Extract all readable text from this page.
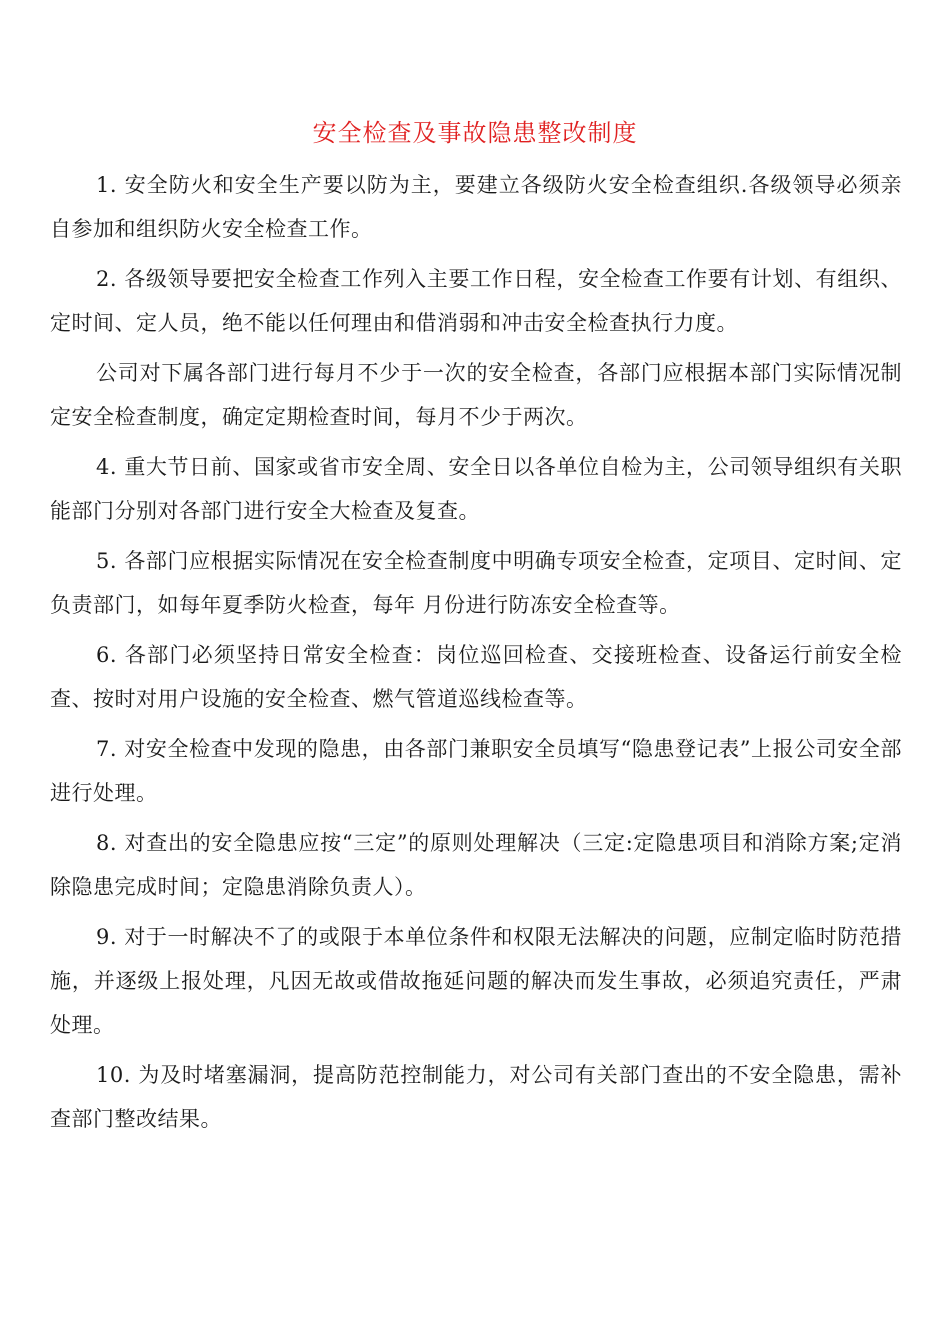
安全检查及事故隐患整改制度

1. 安全防火和安全生产要以防为主，要建立各级防火安全检查组织.各级领导必须亲自参加和组织防火安全检查工作。

2. 各级领导要把安全检查工作列入主要工作日程，安全检查工作要有计划、有组织、定时间、定人员，绝不能以任何理由和借消弱和冲击安全检查执行力度。

公司对下属各部门进行每月不少于一次的安全检查，各部门应根据本部门实际情况制定安全检查制度，确定定期检查时间，每月不少于两次。

4. 重大节日前、国家或省市安全周、安全日以各单位自检为主，公司领导组织有关职能部门分别对各部门进行安全大检查及复查。

5. 各部门应根据实际情况在安全检查制度中明确专项安全检查，定项目、定时间、定负责部门，如每年夏季防火检查，每年 月份进行防冻安全检查等。

6. 各部门必须坚持日常安全检查：岗位巡回检查、交接班检查、设备运行前安全检查、按时对用户设施的安全检查、燃气管道巡线检查等。

7. 对安全检查中发现的隐患，由各部门兼职安全员填写“隐患登记表”上报公司安全部进行处理。

8. 对查出的安全隐患应按“三定”的原则处理解决（三定:定隐患项目和消除方案;定消除隐患完成时间；定隐患消除负责人）。

9. 对于一时解决不了的或限于本单位条件和权限无法解决的问题，应制定临时防范措施，并逐级上报处理，凡因无故或借故拖延问题的解决而发生事故，必须追究责任，严肃处理。

10. 为及时堵塞漏洞，提高防范控制能力，对公司有关部门查出的不安全隐患，需补查部门整改结果。
